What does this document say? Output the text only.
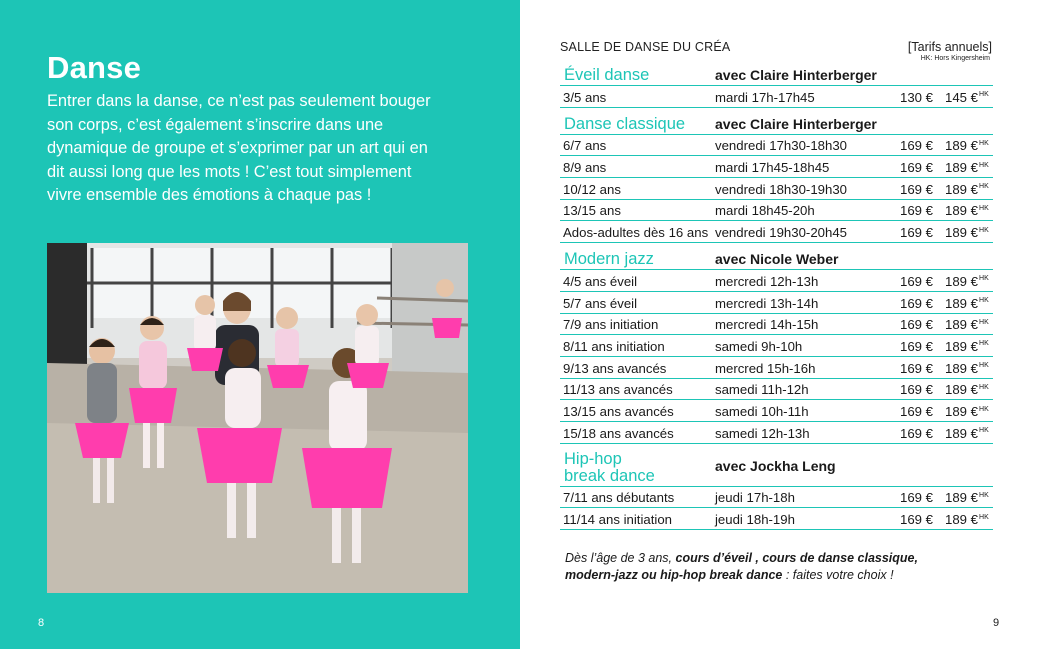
Danse
Entrer dans la danse, ce n’est pas seulement bouger son corps, c’est également s’inscrire dans une dynamique de groupe et s’exprimer par un art qui en dit aussi long que les mots ! C’est tout simplement vivre ensemble des émotions à chaque pas !
8
SALLE DE DANSE DU CRÉA	[Tarifs annuels]
HK: Hors Kingersheim
Éveil danse	avec Claire Hinterberger
3/5 ans	mardi 17h-17h45	130 € 145 €$^{HK}$
Danse classique avec Claire Hinterberger
6/7 ans	vendredi 17h30-18h30	169 € 189 €$^{HK}$
8/9 ans	mardi 17h45-18h45	169 € 189 €$^{HK}$
10/12 ans	vendredi 18h30-19h30	169 € 189 €$^{HK}$
13/15 ans	mardi 18h45-20h	169 € 189 €$^{HK}$
Ados-adultes dès 16 ans vendredi 19h30-20h45	169 € 189 €$^{HK}$
Modern jazz	avec Nicole Weber
4/5 ans éveil	mercredi 12h-13h	169 € 189 €$^{HK}$
5/7 ans éveil	mercredi 13h-14h	169 € 189 €$^{HK}$
7/9 ans initiation	mercredi 14h-15h	169 € 189 €$^{HK}$
8/11 ans initiation	samedi 9h-10h	169 € 189 €$^{HK}$
9/13 ans avancés	mercred 15h-16h	169 € 189 €$^{HK}$
11/13 ans avancés	samedi 11h-12h	169 € 189 €$^{HK}$
13/15 ans avancés	samedi 10h-11h	169 € 189 €$^{HK}$
15/18 ans avancés	samedi 12h-13h	169 € 189 €$^{HK}$
Hip-hop
break dance
avec Jockha Leng
7/11 ans débutants	jeudi 17h-18h	169 € 189 €$^{HK}$
11/14 ans initiation	jeudi 18h-19h	169 € 189 €$^{HK}$
Dès l’âge de 3 ans, cours d’éveil , cours de danse classique, modern-jazz ou hip-hop break dance : faites votre choix !
9
